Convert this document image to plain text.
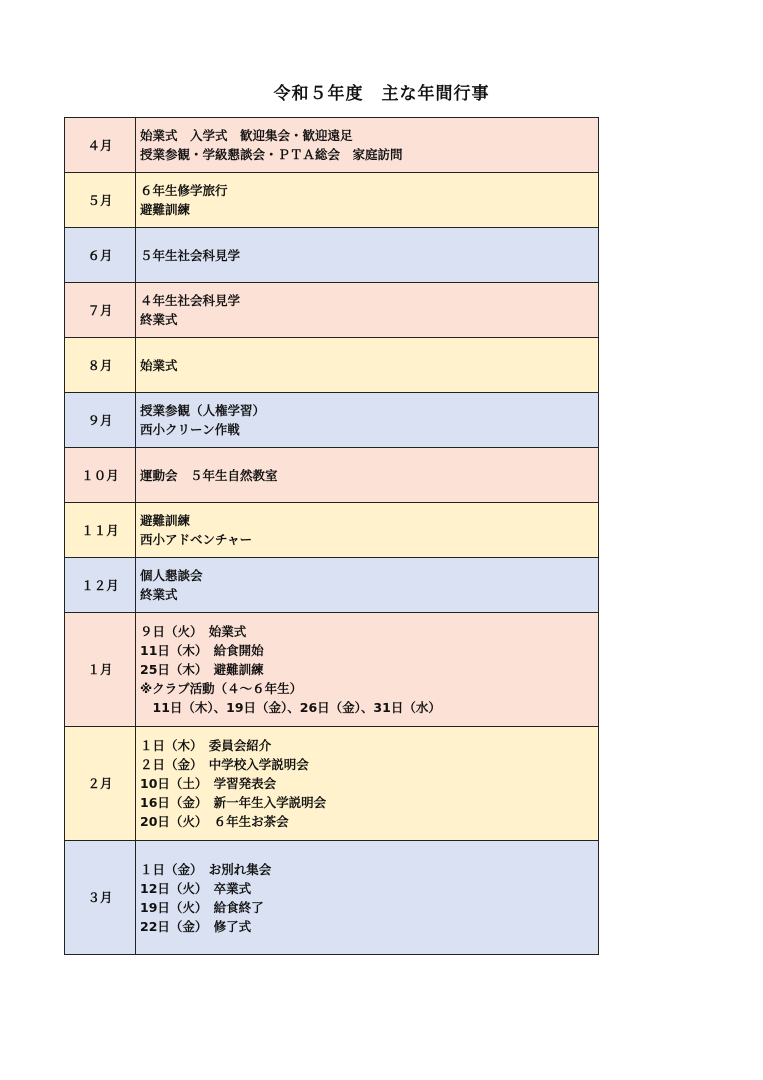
令和５年度　主な年間行事
４月	始業式　入学式　歓迎集会・歓迎遠足
授業参観・学級懇談会・ＰＴＡ総会　家庭訪問

５月	６年生修学旅行
避難訓練

６月	５年生社会科見学

７月	４年生社会科見学
終業式

８月	始業式

９月	授業参観（人権学習）
西小クリーン作戦

１０月	運動会　５年生自然教室

１１月	避難訓練
西小アドベンチャー

１２月	個人懇談会
終業式

１月	９日（火）　始業式
11日（木）　給食開始
25日（木）　避難訓練
※クラブ活動（４～６年生）
　11日（木）、19日（金）、26日（金）、31日（水）

２月	１日（木）　委員会紹介
２日（金）　中学校入学説明会
10日（土）　学習発表会
16日（金）　新一年生入学説明会
20日（火）　６年生お茶会

３月	１日（金）　お別れ集会
12日（火）　卒業式
19日（火）　給食終了
22日（金）　修了式
